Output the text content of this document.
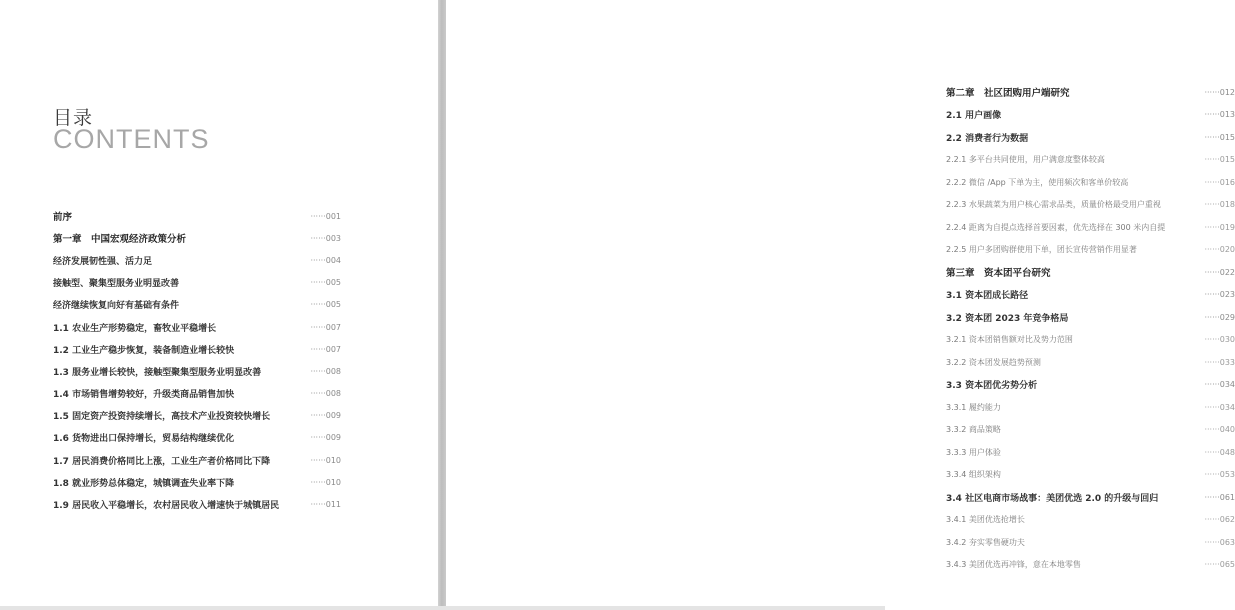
目录
CONTENTS
前序	······001
第一章　中国宏观经济政策分析	······003
经济发展韧性强、活力足	······004
接触型、聚集型服务业明显改善	······005
经济继续恢复向好有基础有条件	······005
1.1 农业生产形势稳定，畜牧业平稳增长	······007
1.2 工业生产稳步恢复，装备制造业增长较快	······007
1.3 服务业增长较快，接触型聚集型服务业明显改善	······008
1.4 市场销售增势较好，升级类商品销售加快	······008
1.5 固定资产投资持续增长，高技术产业投资较快增长	······009
1.6 货物进出口保持增长，贸易结构继续优化	······009
1.7 居民消费价格同比上涨，工业生产者价格同比下降	······010
1.8 就业形势总体稳定，城镇调查失业率下降	······010
1.9 居民收入平稳增长，农村居民收入增速快于城镇居民	······011
第二章　社区团购用户端研究	······012
2.1 用户画像	······013
2.2 消费者行为数据	······015
2.2.1 多平台共同使用，用户满意度整体较高	······015
2.2.2 微信 /App 下单为主，使用频次和客单价较高	······016
2.2.3 水果蔬菜为用户核心需求品类，质量价格最受用户重视	······018
2.2.4 距离为自提点选择首要因素，优先选择在 300 米内自提	······019
2.2.5 用户多团购群使用下单，团长宣传营销作用显著	······020
第三章　资本团平台研究	······022
3.1 资本团成长路径	······023
3.2 资本团 2023 年竞争格局	······029
3.2.1 资本团销售额对比及势力范围	······030
3.2.2 资本团发展趋势预测	······033
3.3 资本团优劣势分析	······034
3.3.1 履约能力	······034
3.3.2 商品策略	······040
3.3.3 用户体验	······048
3.3.4 组织架构	······053
3.4 社区电商市场战事：美团优选 2.0 的升级与回归	······061
3.4.1 美团优选抢增长	······062
3.4.2 夯实零售硬功夫	······063
3.4.3 美团优选再冲锋，意在本地零售	······065
